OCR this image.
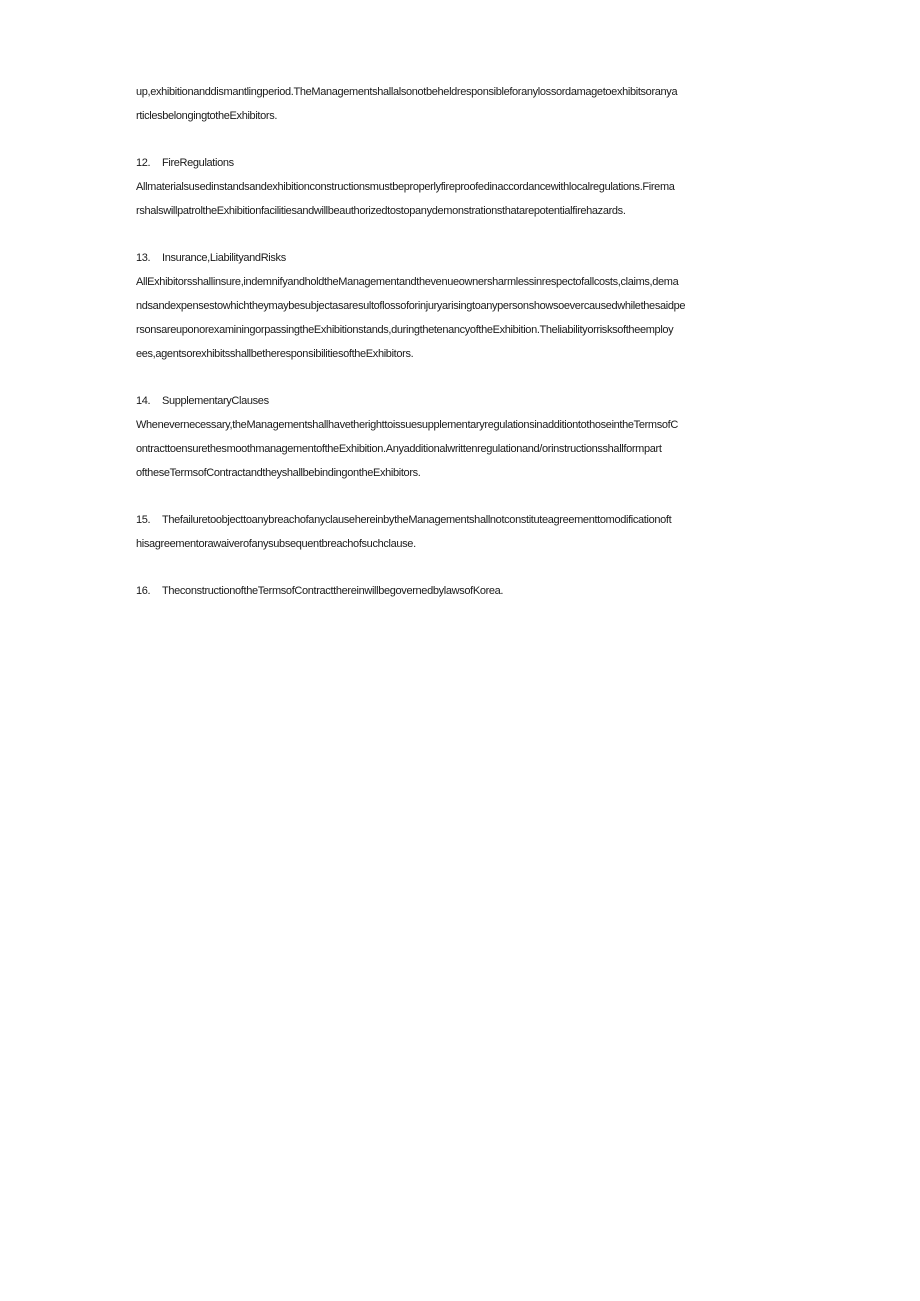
up,exhibitionanddismantlingperiod.TheManagementshallalsonotbeheldresponsibleforanylossordamagetoexhibitsoranya

rticlesbelongingtotheExhibitors.

12. FireRegulations

Allmaterialsusedinstandsandexhibitionconstructionsmustbeproperlyfireproofedinaccordancewithlocalregulations.Firema

rshalswillpatroltheExhibitionfacilitiesandwillbeauthorizedtostopanydemonstrationsthatarepotentialfirehazards.

13. Insurance,LiabilityandRisks

AllExhibitorsshallinsure,indemnifyandholdtheManagementandthevenueownersharmlessinrespectofallcosts,claims,dema

ndsandexpensestowhichtheymaybesubjectasaresultoflossoforinjuryarisingtoanypersonshowsoevercausedwhilethesaidpe

rsonsareuponorexaminingorpassingtheExhibitionstands,duringthetenancyoftheExhibition.Theliabilityorrisksoftheemploy

ees,agentsorexhibitsshallbetheresponsibilitiesoftheExhibitors.

14. SupplementaryClauses

Whenevernecessary,theManagementshallhavetherighttoissuesupplementaryregulationsinadditiontothoseintheTermsofC

ontracttoensurethesmoothmanagementoftheExhibition.Anyadditionalwrittenregulationand/orinstructionsshallformpart

oftheseTermsofContractandtheyshallbebindingontheExhibitors.

15. ThefailuretoobjecttoanybreachofanyclausehereinbytheManagementshallnotconstituteagreementtomodificationoft

hisagreementorawaiverofanysubsequentbreachofsuchclause.

16. TheconstructionoftheTermsofContractthereinwillbegovernedbylawsofKorea.
